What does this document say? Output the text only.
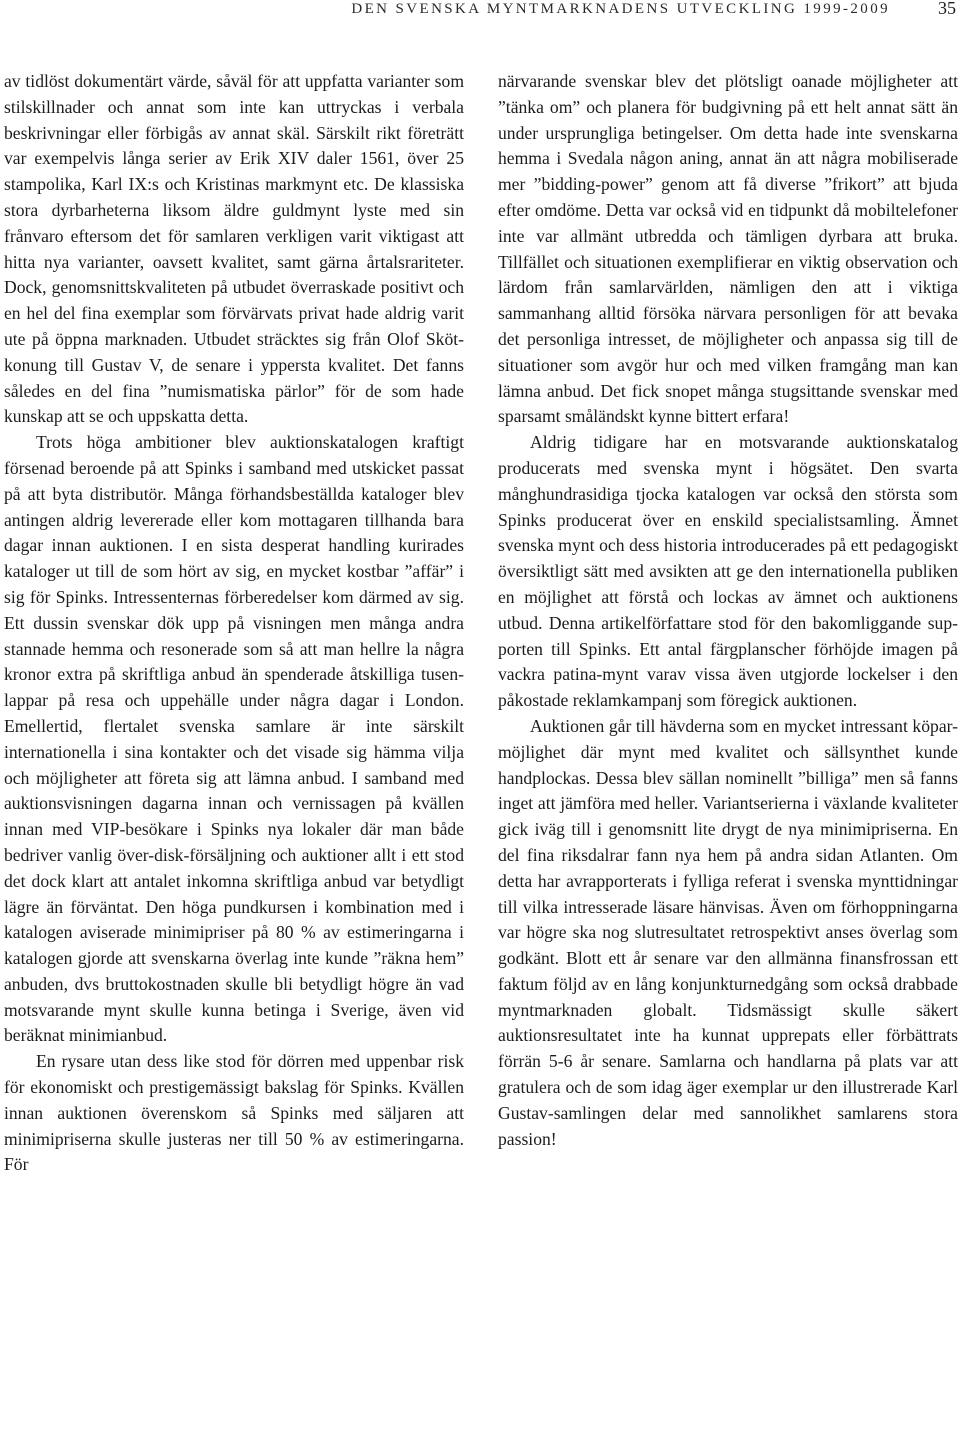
DEN SVENSKA MYNTMARKNADENS UTVECKLING 1999-2009	35

av tidlöst dokumentärt värde, såväl för att uppfatta varianter som stilskillnader och annat som inte kan uttryckas i verbala beskrivningar eller förbigås av annat skäl. Särskilt rikt företrätt var exempelvis långa serier av Erik XIV daler 1561, över 25 stampolika, Karl IX:s och Kristinas markmynt etc. De klassiska stora dyrbarheterna liksom äldre guldmynt lyste med sin frånvaro eftersom det för samlaren verkligen varit viktigast att hitta nya varianter, oavsett kvalitet, samt gärna årtalsrariteter. Dock, genomsnittskvaliteten på utbudet överraskade positivt och en hel del fina exemplar som förvärvats privat hade aldrig varit ute på öppna marknaden. Utbudet sträcktes sig från Olof Skötkonung till Gustav V, de senare i yppersta kvalitet. Det fanns således en del fina ”numismatiska pärlor” för de som hade kunskap att se och uppskatta detta.

Trots höga ambitioner blev auktionskatalogen kraftigt försenad beroende på att Spinks i samband med utskicket passat på att byta distributör. Många förhandsbeställda kataloger blev antingen aldrig levererade eller kom mottagaren tillhanda bara dagar innan auktionen. I en sista desperat handling kurirades kataloger ut till de som hört av sig, en mycket kostbar ”affär” i sig för Spinks. Intressenternas förberedelser kom därmed av sig. Ett dussin svenskar dök upp på visningen men många andra stannade hemma och resonerade som så att man hellre la några kronor extra på skriftliga anbud än spenderade åtskilliga tusenlappar på resa och uppehälle under några dagar i London. Emellertid, flertalet svenska samlare är inte särskilt internationella i sina kontakter och det visade sig hämma vilja och möjligheter att företa sig att lämna anbud. I samband med auktionsvisningen dagarna innan och vernissagen på kvällen innan med VIP-besökare i Spinks nya lokaler där man både bedriver vanlig över-disk-försäljning och auktioner allt i ett stod det dock klart att antalet inkomna skriftliga anbud var betydligt lägre än förväntat. Den höga pundkursen i kombination med i katalogen aviserade minimipriser på 80 % av estimeringarna i katalogen gjorde att svenskarna överlag inte kunde ”räkna hem” anbuden, dvs bruttokostnaden skulle bli betydligt högre än vad motsvarande mynt skulle kunna betinga i Sverige, även vid beräknat minimianbud.

En rysare utan dess like stod för dörren med uppenbar risk för ekonomiskt och prestigemässigt bakslag för Spinks. Kvällen innan auktionen överenskom så Spinks med säljaren att minimipriserna skulle justeras ner till 50 % av estimeringarna. För

närvarande svenskar blev det plötsligt oanade möjligheter att ”tänka om” och planera för budgivning på ett helt annat sätt än under ursprungliga betingelser. Om detta hade inte svenskarna hemma i Svedala någon aning, annat än att några mobiliserade mer ”bidding-power” genom att få diverse ”frikort” att bjuda efter omdöme. Detta var också vid en tidpunkt då mobiltelefoner inte var allmänt utbredda och tämligen dyrbara att bruka. Tillfället och situationen exemplifierar en viktig observation och lärdom från samlarvärlden, nämligen den att i viktiga sammanhang alltid försöka närvara personligen för att bevaka det personliga intresset, de möjligheter och anpassa sig till de situationer som avgör hur och med vilken framgång man kan lämna anbud. Det fick snopet många stugsittande svenskar med sparsamt småländskt kynne bittert erfara!

Aldrig tidigare har en motsvarande auktionskatalog producerats med svenska mynt i högsätet. Den svarta månghundrasidiga tjocka katalogen var också den största som Spinks producerat över en enskild specialistsamling. Ämnet svenska mynt och dess historia introducerades på ett pedagogiskt översiktligt sätt med avsikten att ge den internationella publiken en möjlighet att förstå och lockas av ämnet och auktionens utbud. Denna artikelförfattare stod för den bakomliggande supporten till Spinks. Ett antal färgplanscher förhöjde imagen på vackra patina-mynt varav vissa även utgjorde lockelser i den påkostade reklamkampanj som föregick auktionen.

Auktionen går till hävderna som en mycket intressant köpar-möjlighet där mynt med kvalitet och sällsynthet kunde handplockas. Dessa blev sällan nominellt ”billiga” men så fanns inget att jämföra med heller. Variantserierna i växlande kvaliteter gick iväg till i genomsnitt lite drygt de nya minimipriserna. En del fina riksdalrar fann nya hem på andra sidan Atlanten. Om detta har avrapporterats i fylliga referat i svenska mynttidningar till vilka intresserade läsare hänvisas. Även om förhoppningarna var högre ska nog slutresultatet retrospektivt anses överlag som godkänt. Blott ett år senare var den allmänna finansfrossan ett faktum följd av en lång konjunkturnedgång som också drabbade myntmarknaden globalt. Tidsmässigt skulle säkert auktionsresultatet inte ha kunnat upprepats eller förbättrats förrän 5-6 år senare. Samlarna och handlarna på plats var att gratulera och de som idag äger exemplar ur den illustrerade Karl Gustav-samlingen delar med sannolikhet samlarens stora passion!
